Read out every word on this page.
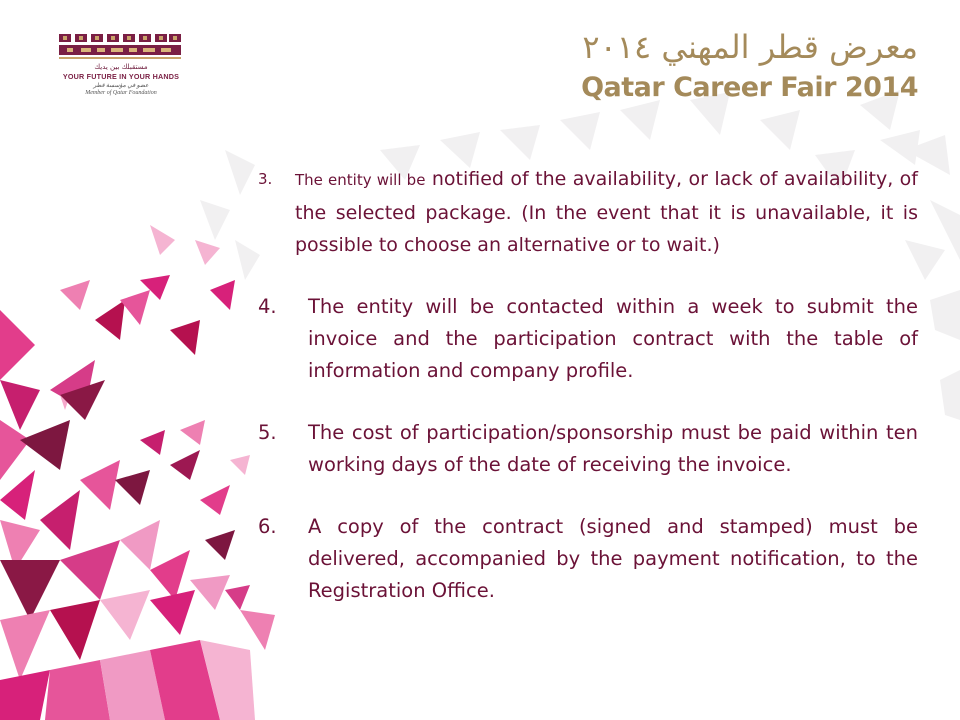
مستقبلك بين يديك
YOUR FUTURE IN YOUR HANDS
عضو في مؤسسة قطر
Member of Qatar Foundation
معرض قطر المهني ٢٠١٤
Qatar Career Fair 2014
3. The entity will be notified of the availability, or lack of availability, of the selected package. (In the event that it is unavailable, it is possible to choose an alternative or to wait.)
4. The entity will be contacted within a week to submit the invoice and the participation contract with the table of information and company profile.
5. The cost of participation/sponsorship must be paid within ten working days of the date of receiving the invoice.
6. A copy of the contract (signed and stamped) must be delivered, accompanied by the payment notification, to the Registration Office.
